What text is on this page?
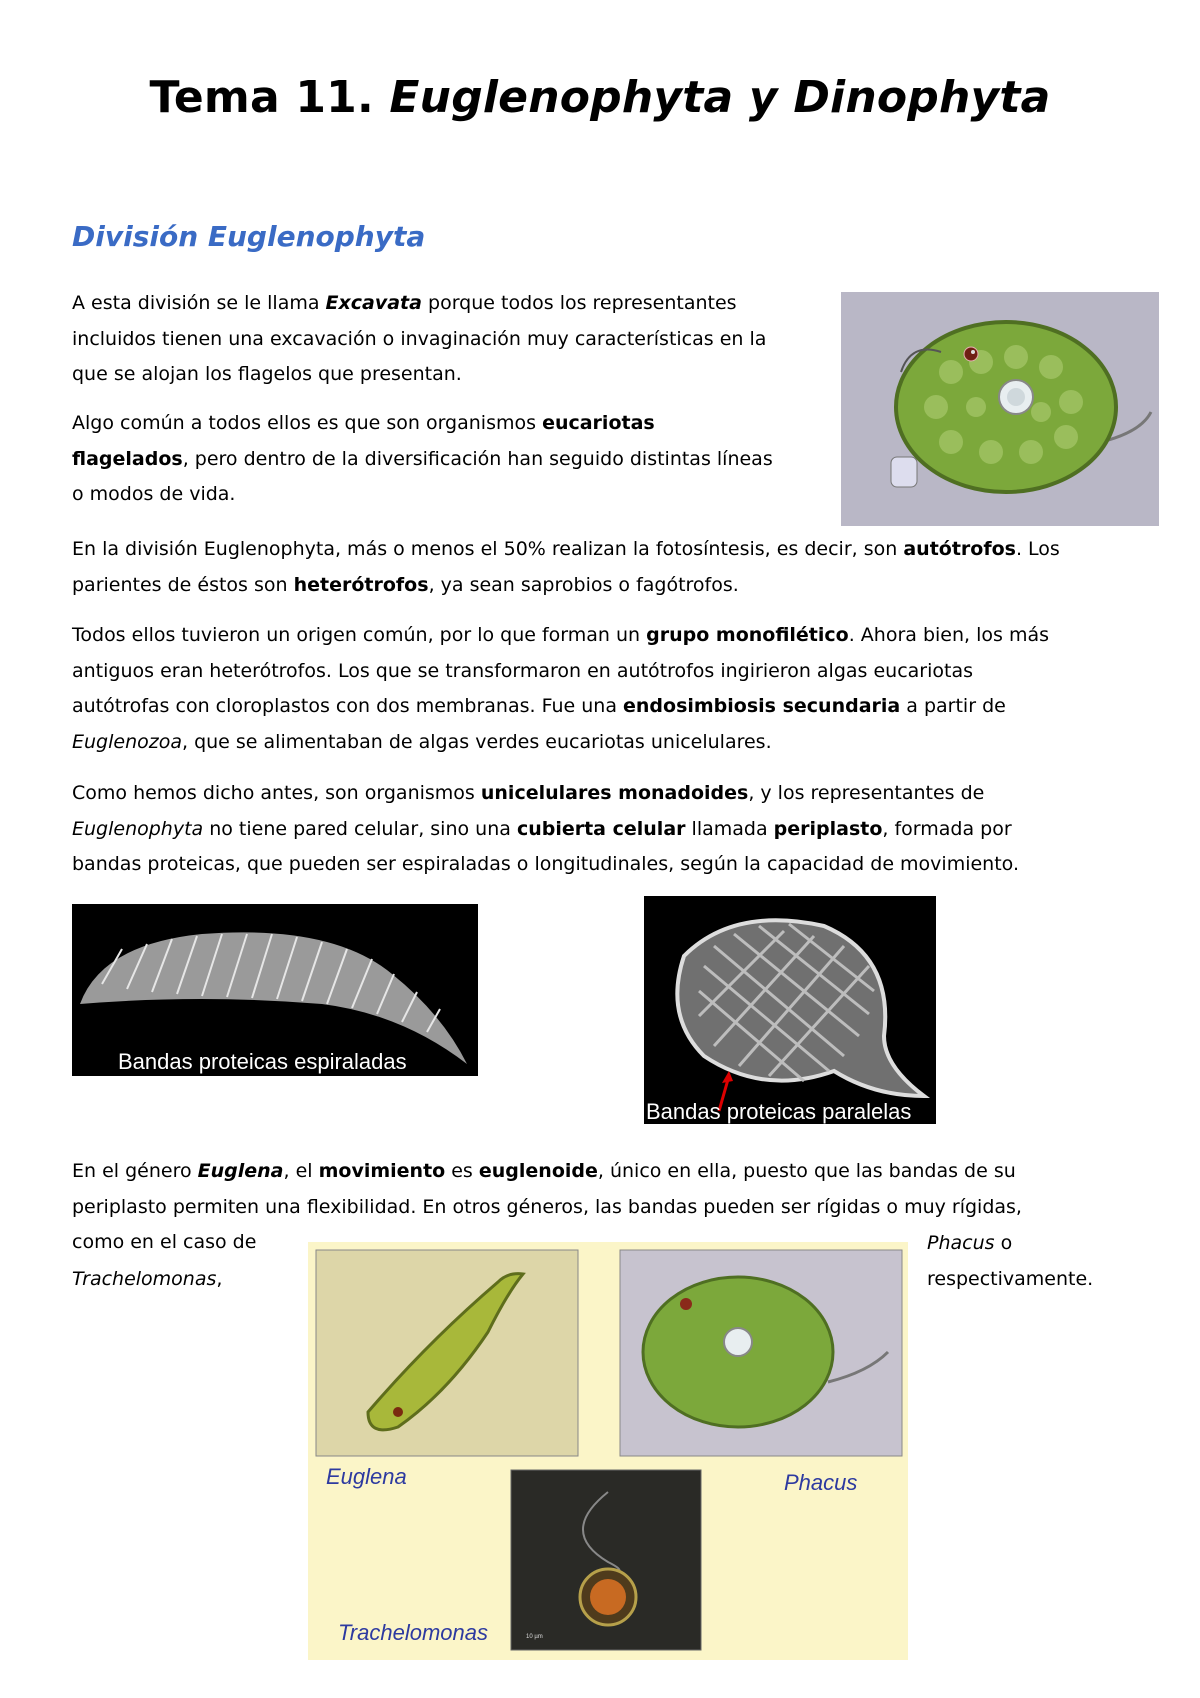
Tema 11. Euglenophyta y Dinophyta
División Euglenophyta

A esta división se le llama Excavata porque todos los representantes
incluidos tienen una excavación o invaginación muy características en la
que se alojan los flagelos que presentan.

Algo común a todos ellos es que son organismos eucariotas
flagelados, pero dentro de la diversificación han seguido distintas líneas
o modos de vida.

En la división Euglenophyta, más o menos el 50% realizan la fotosíntesis, es decir, son autótrofos. Los
parientes de éstos son heterótrofos, ya sean saprobios o fagótrofos.

Todos ellos tuvieron un origen común, por lo que forman un grupo monofilético. Ahora bien, los más
antiguos eran heterótrofos. Los que se transformaron en autótrofos ingirieron algas eucariotas
autótrofas con cloroplastos con dos membranas. Fue una endosimbiosis secundaria a partir de
Euglenozoa, que se alimentaban de algas verdes eucariotas unicelulares.

Como hemos dicho antes, son organismos unicelulares monadoides, y los representantes de
Euglenophyta no tiene pared celular, sino una cubierta celular llamada periplasto, formada por
bandas proteicas, que pueden ser espiraladas o longitudinales, según la capacidad de movimiento.

Bandas proteicas espiraladas
Bandas proteicas paralelas

En el género Euglena, el movimiento es euglenoide, único en ella, puesto que las bandas de su
periplasto permiten una flexibilidad. En otros géneros, las bandas pueden ser rígidas o muy rígidas,
como en el caso de

Trachelomonas,

Phacus o
respectivamente.

Euglena	Phacus
Trachelomonas	10 µm
